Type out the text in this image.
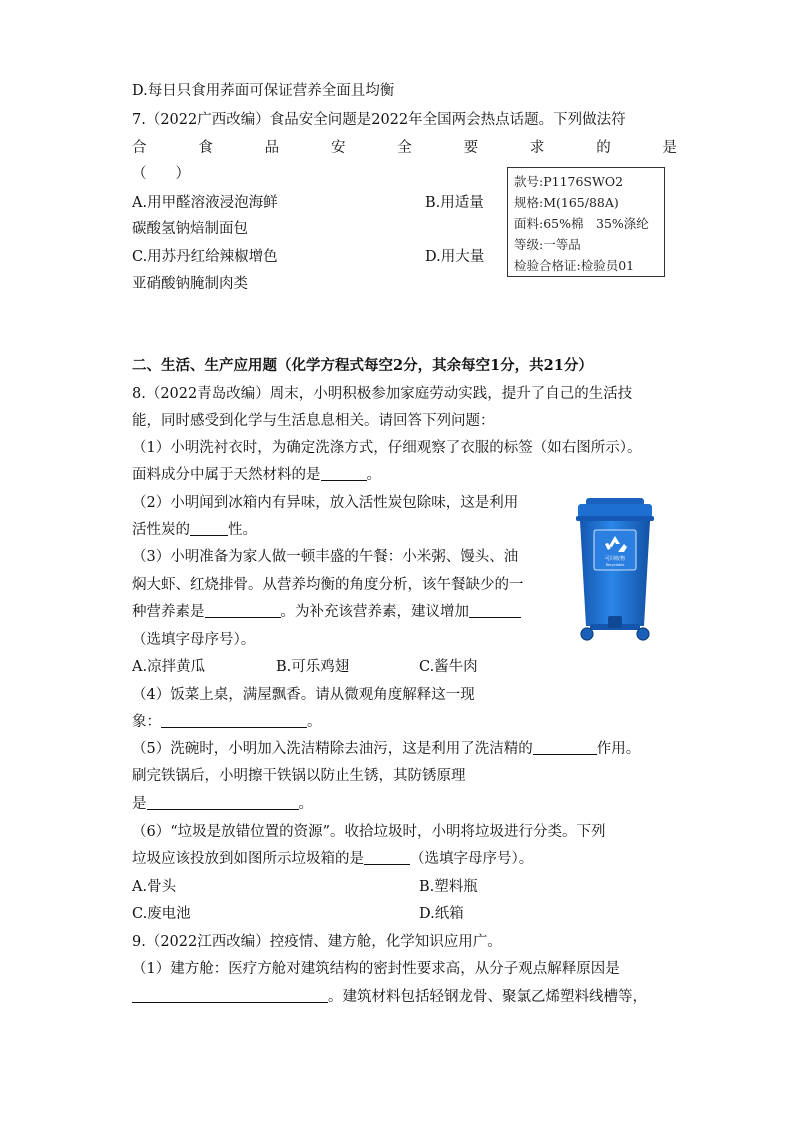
D.每日只食用荞面可保证营养全面且均衡
7.（2022广西改编）食品安全问题是2022年全国两会热点话题。下列做法符
合	食	品	安	全	要	求	的	是
（　　）
A.用甲醛溶液浸泡海鲜	B.用适量
碳酸氢钠焙制面包
C.用苏丹红给辣椒增色	D.用大量
亚硝酸钠腌制肉类
款号:P1176SWO2
规格:M(165/88A)
面料:65%棉　35%涤纶
等级:一等品
检验合格证:检验员01
二、生活、生产应用题（化学方程式每空2分，其余每空1分，共21分）
8.（2022青岛改编）周末，小明积极参加家庭劳动实践，提升了自己的生活技
能，同时感受到化学与生活息息相关。请回答下列问题：
（1）小明洗衬衣时，为确定洗涤方式，仔细观察了衣服的标签（如右图所示）。
面料成分中属于天然材料的是	。
（2）小明闻到冰箱内有异味，放入活性炭包除味，这是利用
活性炭的	性。
（3）小明准备为家人做一顿丰盛的午餐：小米粥、馒头、油
焖大虾、红烧排骨。从营养均衡的角度分析，该午餐缺少的一
种营养素是	。为补充该营养素，建议增加
（选填字母序号）。
A.凉拌黄瓜	B.可乐鸡翅	C.酱牛肉
（4）饭菜上桌，满屋飘香。请从微观角度解释这一现
象：	。
（5）洗碗时，小明加入洗洁精除去油污，这是利用了洗洁精的	作用。
刷完铁锅后，小明擦干铁锅以防止生锈，其防锈原理
是	。
（6）“垃圾是放错位置的资源”。收拾垃圾时，小明将垃圾进行分类。下列
垃圾应该投放到如图所示垃圾箱的是	（选填字母序号）。
A.骨头	B.塑料瓶
C.废电池	D.纸箱
9.（2022江西改编）控疫情、建方舱，化学知识应用广。
（1）建方舱：医疗方舱对建筑结构的密封性要求高，从分子观点解释原因是
。建筑材料包括轻钢龙骨、聚氯乙烯塑料线槽等，
可回收物
Recyclable
